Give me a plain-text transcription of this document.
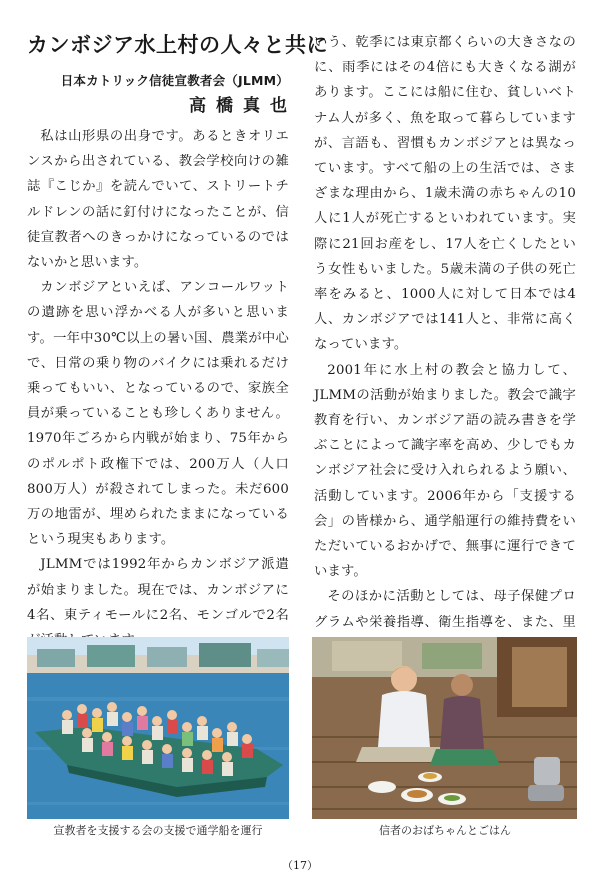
カンボジア水上村の人々と共に
日本カトリック信徒宣教者会（JLMM）
高橋真也

私は山形県の出身です。あるときオリエンスから出されている、教会学校向けの雑誌『こじか』を読んでいて、ストリートチルドレンの話に釘付けになったことが、信徒宣教者へのきっかけになっているのではないかと思います。

カンボジアといえば、アンコールワットの遺跡を思い浮かべる人が多いと思います。一年中30℃以上の暑い国、農業が中心で、日常の乗り物のバイクには乗れるだけ乗ってもいい、となっているので、家族全員が乗っていることも珍しくありません。1970年ごろから内戦が始まり、75年からのポルポト政権下では、200万人（人口800万人）が殺されてしまった。未だ600万の地雷が、埋められたままになっているという現実もあります。

JLMMでは1992年からカンボジア派遣が始まりました。現在では、カンボジアに4名、東ティモールに2名、モンゴルで2名

いう、乾季には東京都くらいの大きさなのに、雨季にはその4倍にも大きくなる湖があります。ここには船に住む、貧しいベトナム人が多く、魚を取って暮らしていますが、言語も、習慣もカンボジアとは異なっています。すべて船の上の生活では、さまざまな理由から、1歳未満の赤ちゃんの10人に1人が死亡するといわれています。実際に21回お産をし、17人を亡くしたという女性もいました。5歳未満の子供の死亡率をみると、1000人に対して日本では4人、カンボジアでは141人と、非常に高くなっています。

2001年に水上村の教会と協力して、JLMMの活動が始まりました。教会で識字教育を行い、カンボジア語の読み書きを学ぶことによって識字率を高め、少しでもカンボジア社会に受け入れられるよう願い、活動しています。2006年から「支援する会」の皆様から、通学船運行の維持費をいただいているおかげで、無事に運行できています。

そのほかに活動としては、母子保健プログラムや栄養指導、衛生指導を、また、里

宣教者を支援する会の支援で通学船を運行	信者のおばちゃんとごはん
（17）
